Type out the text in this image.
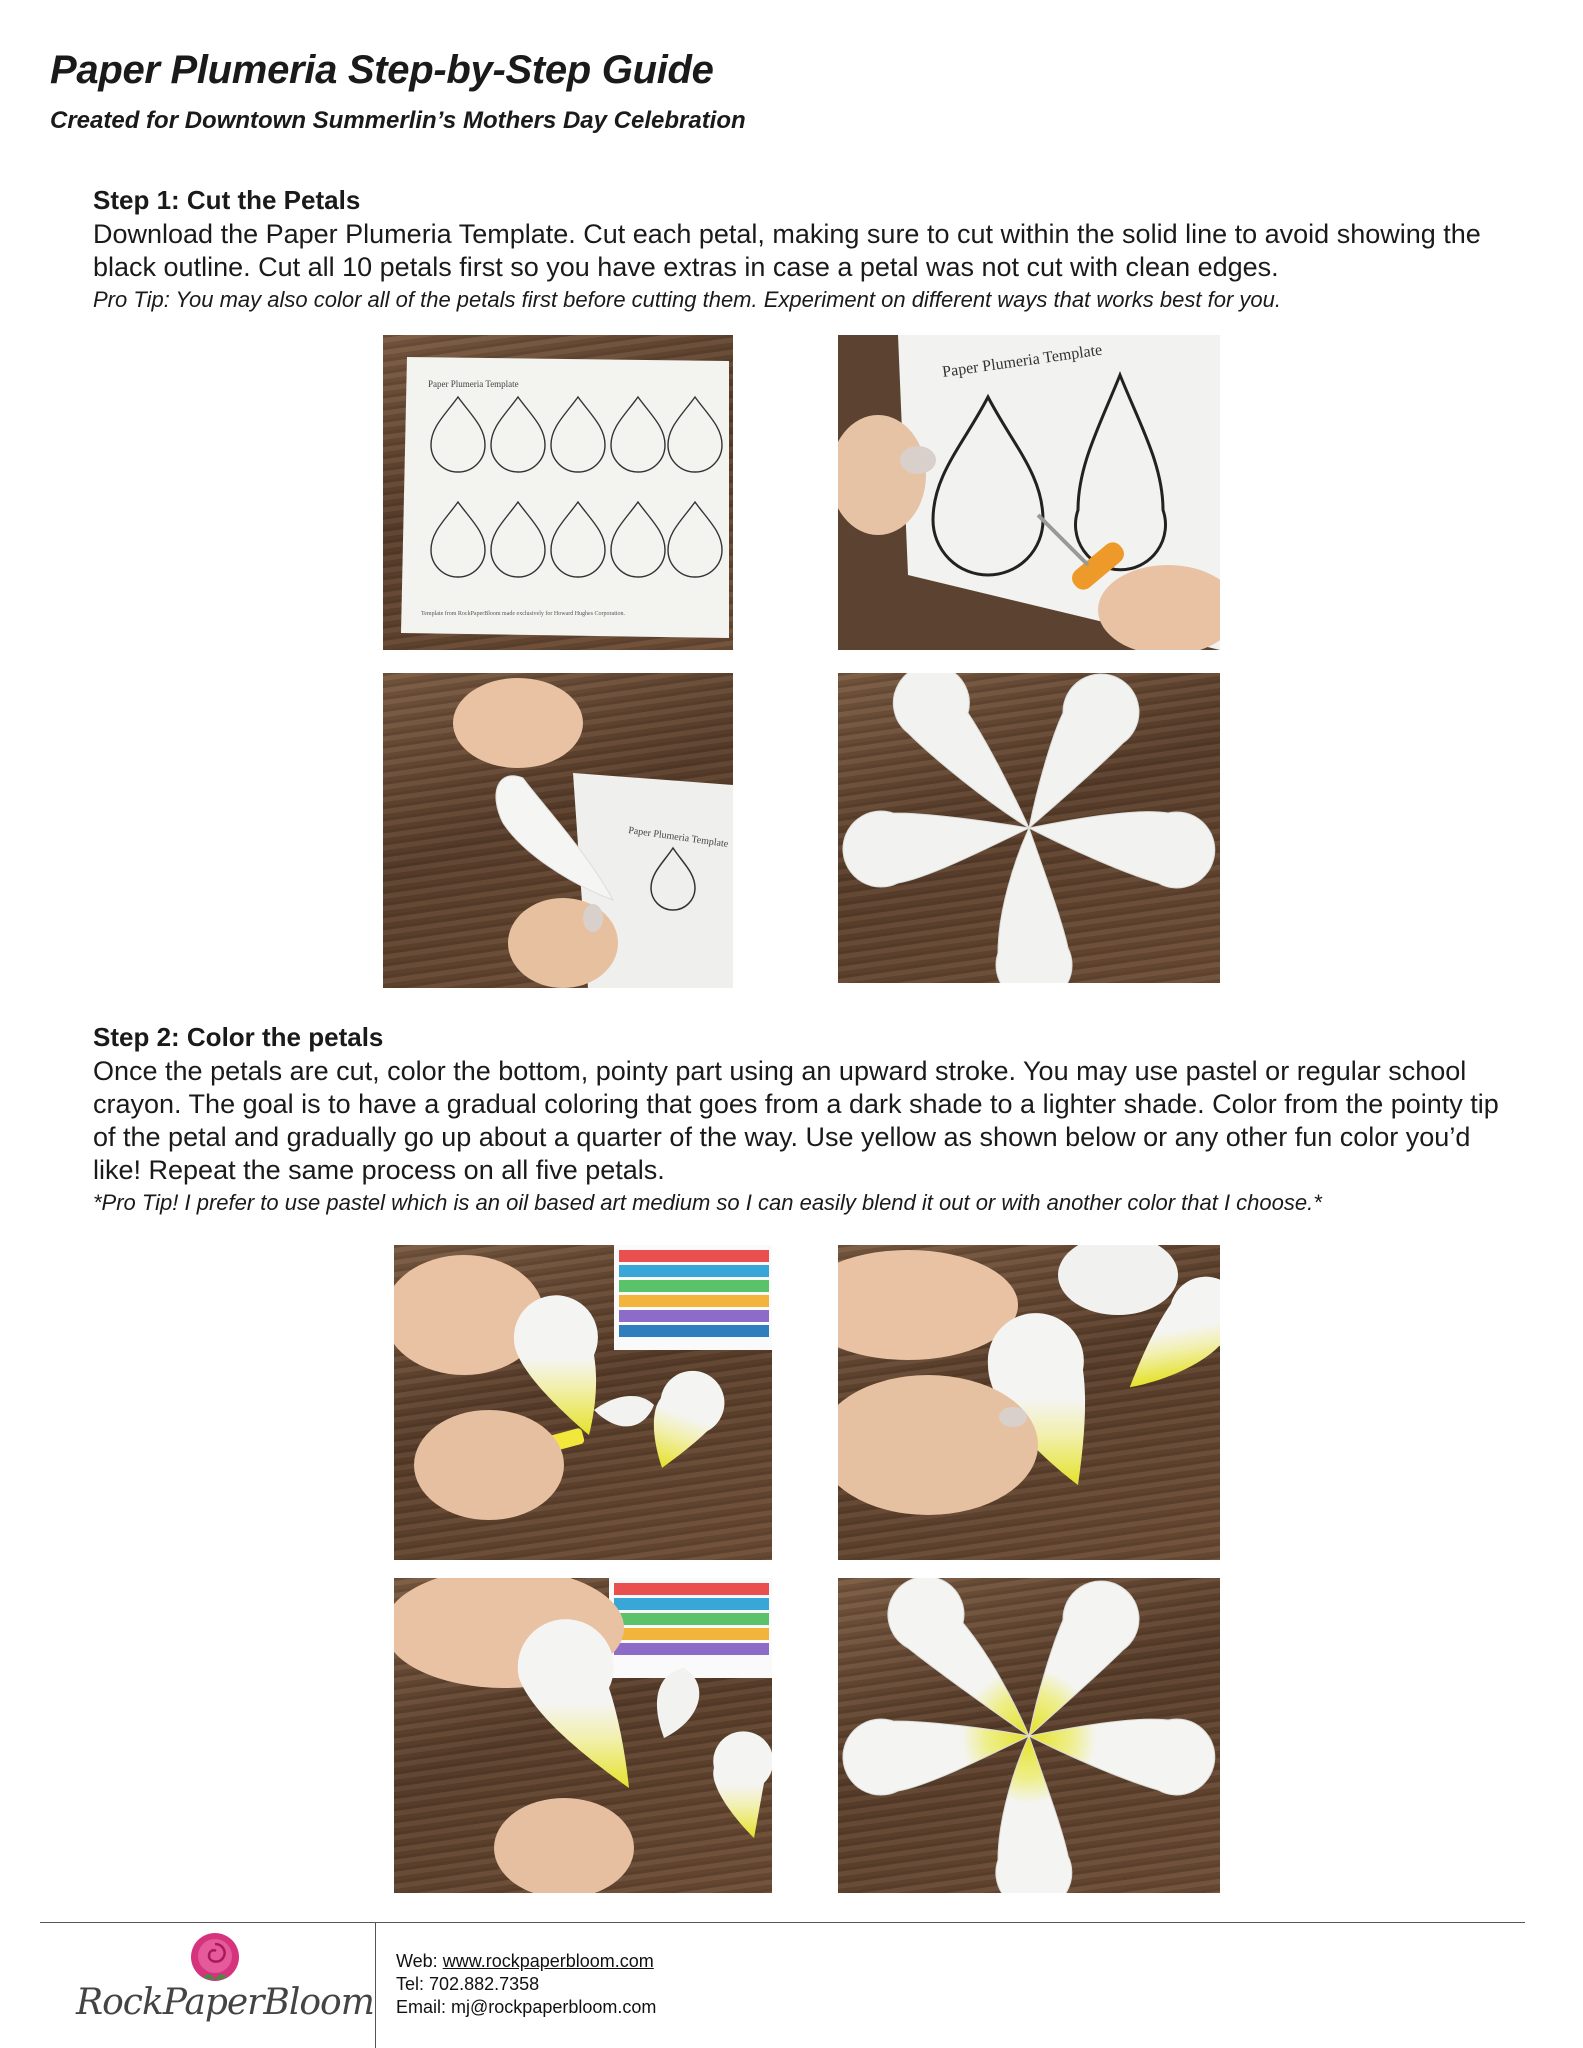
Paper Plumeria Step-by-Step Guide
Created for Downtown Summerlin’s Mothers Day Celebration
Step 1: Cut the Petals

Download the Paper Plumeria Template. Cut each petal, making sure to cut within the solid line to avoid showing the black outline. Cut all 10 petals first so you have extras in case a petal was not cut with clean edges.

Pro Tip: You may also color all of the petals first before cutting them. Experiment on different ways that works best for you.

Paper Plumeria Template
Template from RockPaperBloom made exclusively for Howard Hughes Corporation.
Paper Plumeria Template
Paper Plumeria Template
Step 2: Color the petals

Once the petals are cut, color the bottom, pointy part using an upward stroke. You may use pastel or regular school crayon. The goal is to have a gradual coloring that goes from a dark shade to a lighter shade. Color from the pointy tip of the petal and gradually go up about a quarter of the way. Use yellow as shown below or any other fun color you’d like! Repeat the same process on all five petals.

*Pro Tip! I prefer to use pastel which is an oil based art medium so I can easily blend it out or with another color that I choose.*

RockPaperBloom

Web: www.rockpaperbloom.com

Tel: 702.882.7358

Email: mj@rockpaperbloom.com
